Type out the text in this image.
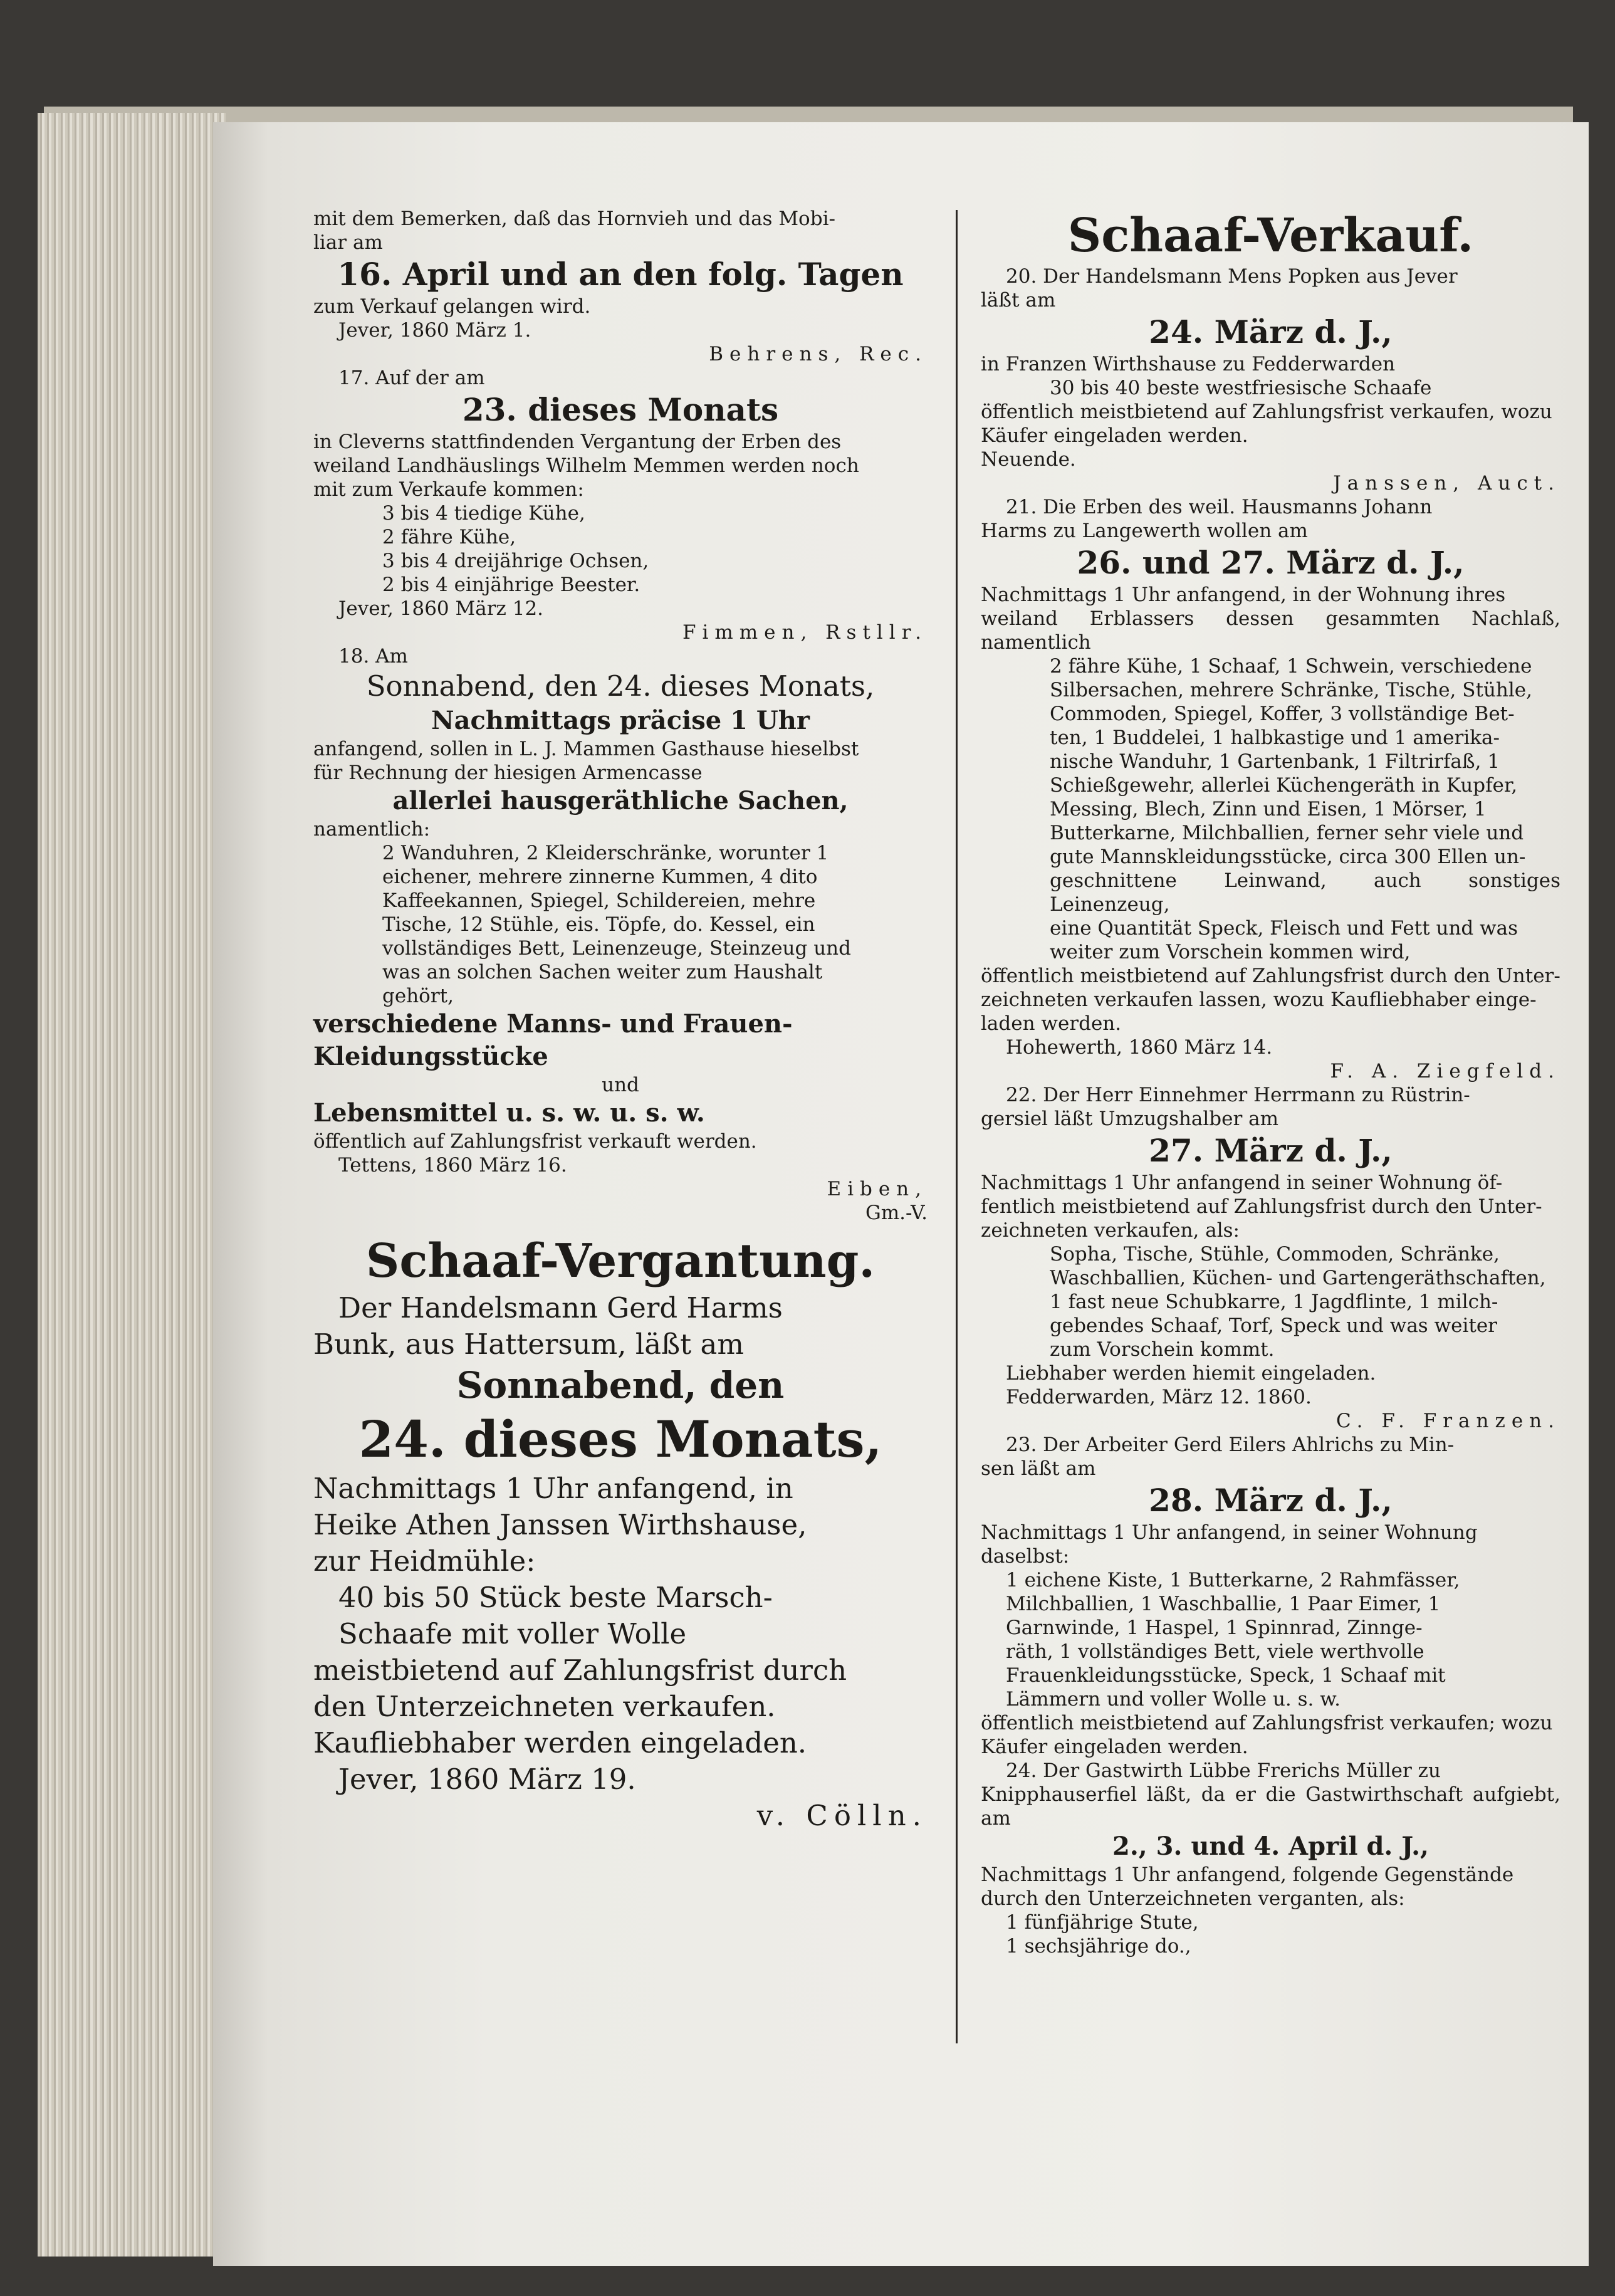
mit dem Bemerken, daß das Hornvieh und das Mobi-

liar am

16. April und an den folg. Tagen

zum Verkauf gelangen wird.

Jever, 1860 März 1.

Behrens, Rec.

17. Auf der am

23. dieses Monats

in Cleverns stattfindenden Vergantung der Erben des

weiland Landhäuslings Wilhelm Memmen werden noch

mit zum Verkaufe kommen:

3 bis 4 tiedige Kühe,

2 fähre Kühe,

3 bis 4 dreijährige Ochsen,

2 bis 4 einjährige Beester.

Jever, 1860 März 12.

Fimmen, Rstllr.

18. Am

Sonnabend, den 24. dieses Monats,

Nachmittags präcise 1 Uhr

anfangend, sollen in L. J. Mammen Gasthause hieselbst

für Rechnung der hiesigen Armencasse

allerlei hausgeräthliche Sachen,

namentlich:

2 Wanduhren, 2 Kleiderschränke, worunter 1

eichener, mehrere zinnerne Kummen, 4 dito

Kaffeekannen, Spiegel, Schildereien, mehre

Tische, 12 Stühle, eis. Töpfe, do. Kessel, ein

vollständiges Bett, Leinenzeuge, Steinzeug und

was an solchen Sachen weiter zum Haushalt

gehört,

verschiedene Manns- und Frauen-

Kleidungsstücke

und

Lebensmittel u. s. w. u. s. w.

öffentlich auf Zahlungsfrist verkauft werden.

Tettens, 1860 März 16.

Eiben,

Gm.-V.

Schaaf-Vergantung.

Der Handelsmann Gerd Harms

Bunk, aus Hattersum, läßt am

Sonnabend, den

24. dieses Monats,

Nachmittags 1 Uhr anfangend, in

Heike Athen Janssen Wirthshause,

zur Heidmühle:

40 bis 50 Stück beste Marsch-

Schaafe mit voller Wolle

meistbietend auf Zahlungsfrist durch

den Unterzeichneten verkaufen.

Kaufliebhaber werden eingeladen.

Jever, 1860 März 19.

v. Cölln.

Schaaf-Verkauf.

20. Der Handelsmann Mens Popken aus Jever

läßt am

24. März d. J.,

in Franzen Wirthshause zu Fedderwarden

30 bis 40 beste westfriesische Schaafe

öffentlich meistbietend auf Zahlungsfrist verkaufen, wozu

Käufer eingeladen werden.

Neuende.

Janssen, Auct.

21. Die Erben des weil. Hausmanns Johann

Harms zu Langewerth wollen am

26. und 27. März d. J.,

Nachmittags 1 Uhr anfangend, in der Wohnung ihres

weiland Erblassers dessen gesammten Nachlaß, namentlich

2 fähre Kühe, 1 Schaaf, 1 Schwein, verschiedene

Silbersachen, mehrere Schränke, Tische, Stühle,

Commoden, Spiegel, Koffer, 3 vollständige Bet-

ten, 1 Buddelei, 1 halbkastige und 1 amerika-

nische Wanduhr, 1 Gartenbank, 1 Filtrirfaß, 1

Schießgewehr, allerlei Küchengeräth in Kupfer,

Messing, Blech, Zinn und Eisen, 1 Mörser, 1

Butterkarne, Milchballien, ferner sehr viele und

gute Mannskleidungsstücke, circa 300 Ellen un-

geschnittene Leinwand, auch sonstiges Leinenzeug,

eine Quantität Speck, Fleisch und Fett und was

weiter zum Vorschein kommen wird,

öffentlich meistbietend auf Zahlungsfrist durch den Unter-

zeichneten verkaufen lassen, wozu Kaufliebhaber einge-

laden werden.

Hohewerth, 1860 März 14.

F. A. Ziegfeld.

22. Der Herr Einnehmer Herrmann zu Rüstrin-

gersiel läßt Umzugshalber am

27. März d. J.,

Nachmittags 1 Uhr anfangend in seiner Wohnung öf-

fentlich meistbietend auf Zahlungsfrist durch den Unter-

zeichneten verkaufen, als:

Sopha, Tische, Stühle, Commoden, Schränke,

Waschballien, Küchen- und Gartengeräthschaften,

1 fast neue Schubkarre, 1 Jagdflinte, 1 milch-

gebendes Schaaf, Torf, Speck und was weiter

zum Vorschein kommt.

Liebhaber werden hiemit eingeladen.

Fedderwarden, März 12. 1860.

C. F. Franzen.

23. Der Arbeiter Gerd Eilers Ahlrichs zu Min-

sen läßt am

28. März d. J.,

Nachmittags 1 Uhr anfangend, in seiner Wohnung

daselbst:

1 eichene Kiste, 1 Butterkarne, 2 Rahmfässer,

Milchballien, 1 Waschballie, 1 Paar Eimer, 1

Garnwinde, 1 Haspel, 1 Spinnrad, Zinnge-

räth, 1 vollständiges Bett, viele werthvolle

Frauenkleidungsstücke, Speck, 1 Schaaf mit

Lämmern und voller Wolle u. s. w.

öffentlich meistbietend auf Zahlungsfrist verkaufen; wozu

Käufer eingeladen werden.

24. Der Gastwirth Lübbe Frerichs Müller zu

Knipphauserfiel läßt, da er die Gastwirthschaft aufgiebt, am

2., 3. und 4. April d. J.,

Nachmittags 1 Uhr anfangend, folgende Gegenstände

durch den Unterzeichneten verganten, als:

1 fünfjährige Stute,

1 sechsjährige do.,
